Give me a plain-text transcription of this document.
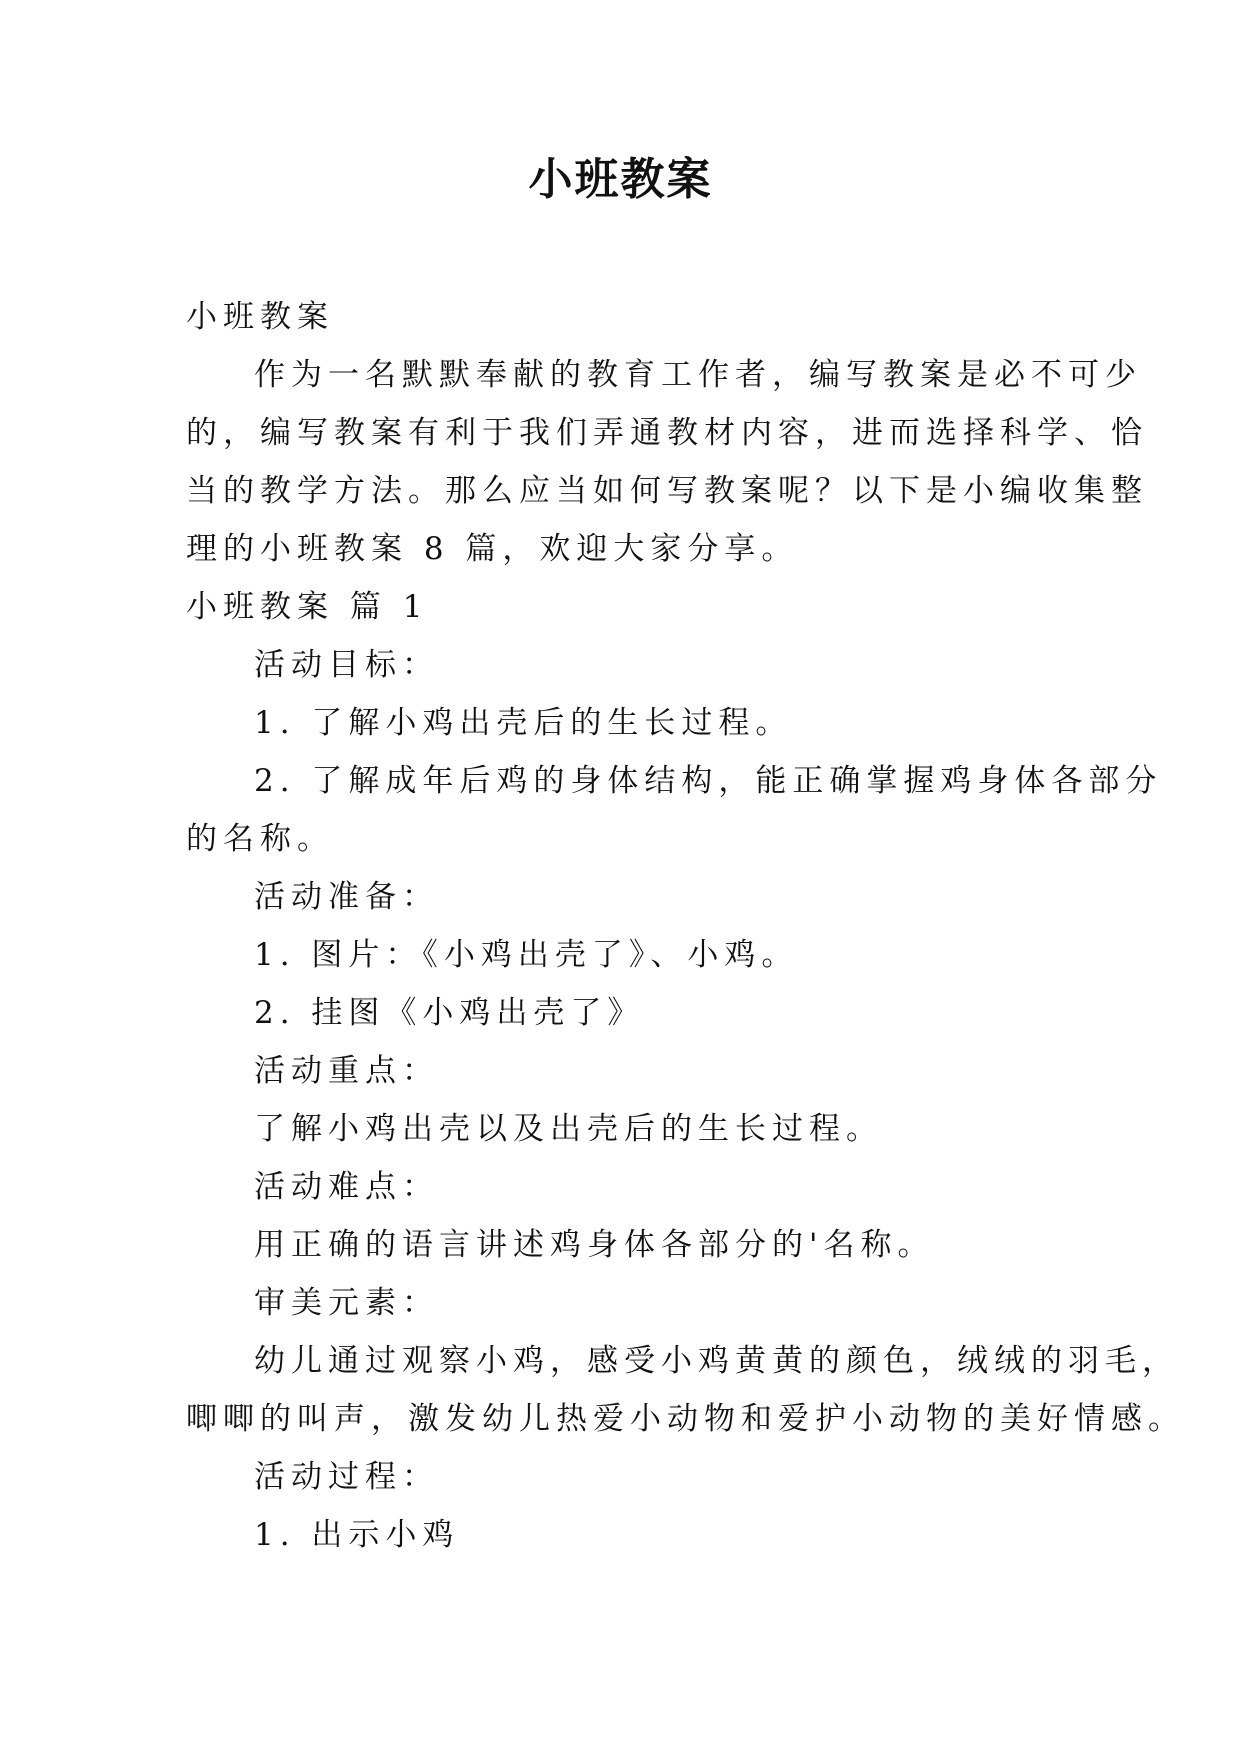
小班教案
小班教案
作为一名默默奉献的教育工作者，编写教案是必不可少
的，编写教案有利于我们弄通教材内容，进而选择科学、恰
当的教学方法。那么应当如何写教案呢？以下是小编收集整
理的小班教案 8 篇，欢迎大家分享。
小班教案 篇 1
活动目标：
1. 了解小鸡出壳后的生长过程。
2. 了解成年后鸡的身体结构，能正确掌握鸡身体各部分
的名称。
活动准备：
1. 图片：《小鸡出壳了》、小鸡。
2. 挂图《小鸡出壳了》
活动重点：
了解小鸡出壳以及出壳后的生长过程。
活动难点：
用正确的语言讲述鸡身体各部分的'名称。
审美元素：
幼儿通过观察小鸡，感受小鸡黄黄的颜色，绒绒的羽毛，
唧唧的叫声，激发幼儿热爱小动物和爱护小动物的美好情感。
活动过程：
1. 出示小鸡
